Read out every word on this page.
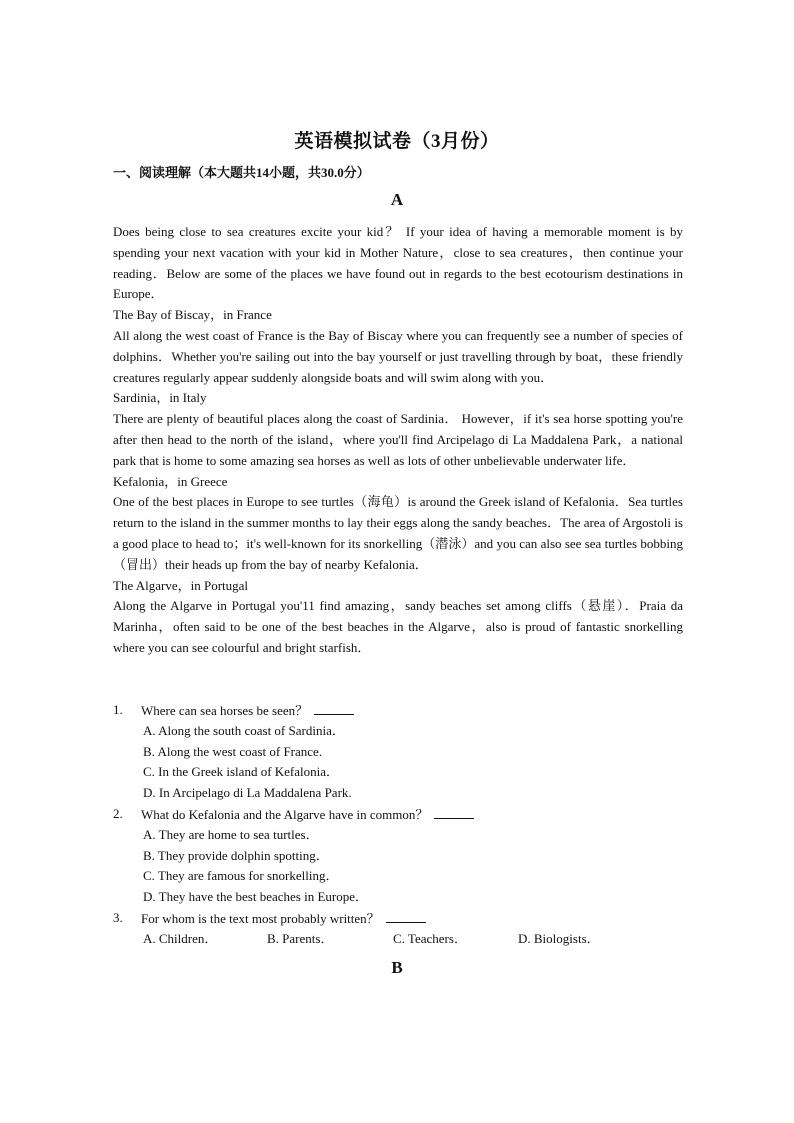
英语模拟试卷（3月份）
一、阅读理解（本大题共14小题，共30.0分）
A

Does being close to sea creatures excite your kid？ If your idea of having a memorable moment is by spending your next vacation with your kid in Mother Nature，close to sea creatures，then continue your reading．Below are some of the places we have found out in regards to the best ecotourism destinations in Europe．

The Bay of Biscay，in France

All along the west coast of France is the Bay of Biscay where you can frequently see a number of species of dolphins．Whether you're sailing out into the bay yourself or just travelling through by boat，these friendly creatures regularly appear suddenly alongside boats and will swim along with you．

Sardinia，in Italy

There are plenty of beautiful places along the coast of Sardinia． However，if it's sea horse spotting you're after then head to the north of the island，where you'll find Arcipelago di La Maddalena Park，a national park that is home to some amazing sea horses as well as lots of other unbelievable underwater life．

Kefalonia，in Greece

One of the best places in Europe to see turtles（海龟）is around the Greek island of Kefalonia．Sea turtles return to the island in the summer months to lay their eggs along the sandy beaches．The area of Argostoli is a good place to head to；it's well-known for its snorkelling（潜泳）and you can also see sea turtles bobbing（冒出）their heads up from the bay of nearby Kefalonia．

The Algarve，in Portugal

Along the Algarve in Portugal you'11 find amazing，sandy beaches set among cliffs（悬崖）．Praia da Marinha，often said to be one of the best beaches in the Algarve，also is proud of fantastic snorkelling where you can see colourful and bright starfish．

1.	Where can sea horses be seen？
A. Along the south coast of Sardinia．
B. Along the west coast of France.
C. In the Greek island of Kefalonia．
D. In Arcipelago di La Maddalena Park.
2.	What do Kefalonia and the Algarve have in common？
A. They are home to sea turtles．
B. They provide dolphin spotting．
C. They are famous for snorkelling．
D. They have the best beaches in Europe．
3.	For whom is the text most probably written？
A. Children．	B. Parents．	C. Teachers．	D. Biologists．
B
